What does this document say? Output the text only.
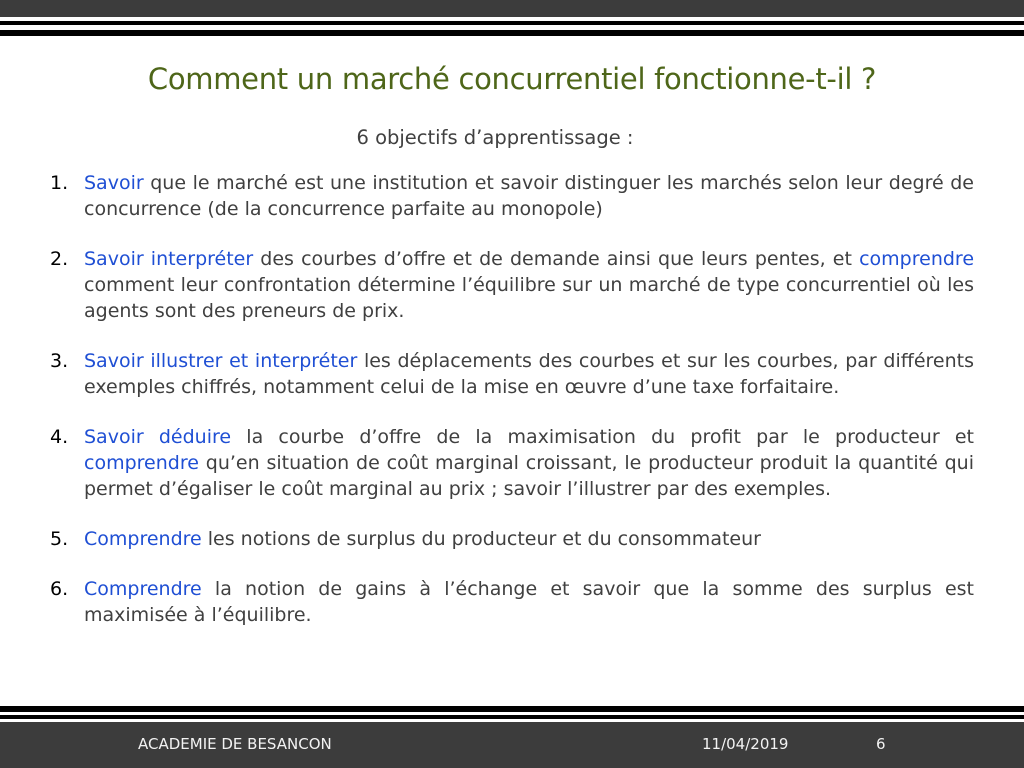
Comment un marché concurrentiel fonctionne-t-il ?
6 objectifs d’apprentissage :
1. Savoir que le marché est une institution et savoir distinguer les marchés selon leur degré de concurrence (de la concurrence parfaite au monopole)
2. Savoir interpréter des courbes d’offre et de demande ainsi que leurs pentes, et comprendre comment leur confrontation détermine l’équilibre sur un marché de type concurrentiel où les agents sont des preneurs de prix.
3. Savoir illustrer et interpréter les déplacements des courbes et sur les courbes, par différents exemples chiffrés, notamment celui de la mise en œuvre d’une taxe forfaitaire.
4. Savoir déduire la courbe d’offre de la maximisation du profit par le producteur et comprendre qu’en situation de coût marginal croissant, le producteur produit la quantité qui permet d’égaliser le coût marginal au prix ; savoir l’illustrer par des exemples.
5. Comprendre les notions de surplus du producteur et du consommateur
6. Comprendre la notion de gains à l’échange et savoir que la somme des surplus est maximisée à l’équilibre.
ACADEMIE DE BESANCON	11/04/2019	6
